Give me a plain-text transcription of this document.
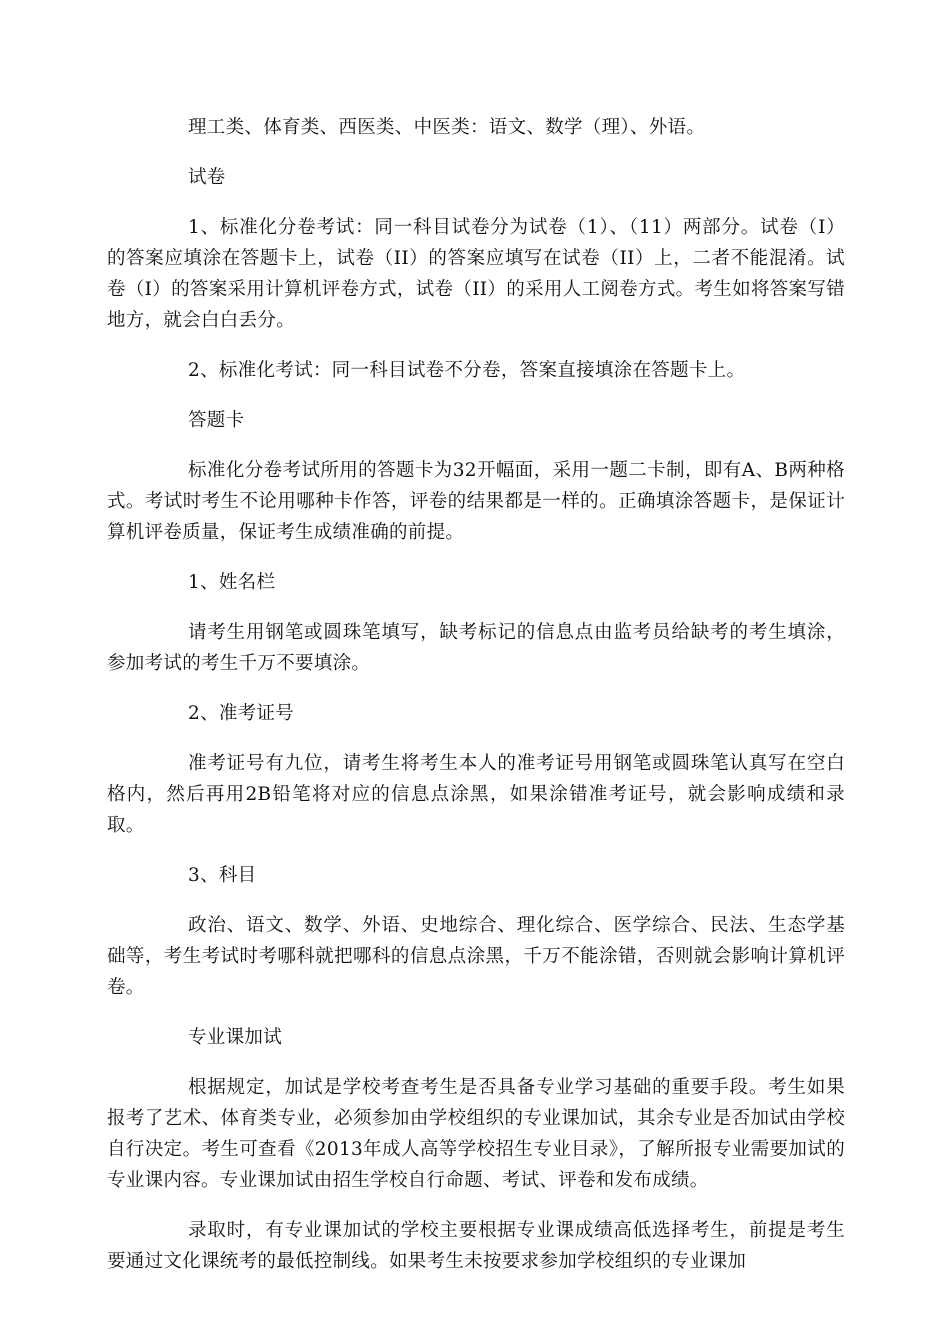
理工类、体育类、西医类、中医类：语文、数学（理）、外语。

试卷

1、标准化分卷考试：同一科目试卷分为试卷（1）、（11）两部分。试卷（I）的答案应填涂在答题卡上，试卷（II）的答案应填写在试卷（II）上，二者不能混淆。试卷（I）的答案采用计算机评卷方式，试卷（II）的采用人工阅卷方式。考生如将答案写错地方，就会白白丢分。

2、标准化考试：同一科目试卷不分卷，答案直接填涂在答题卡上。

答题卡

标准化分卷考试所用的答题卡为32开幅面，采用一题二卡制，即有A、B两种格式。考试时考生不论用哪种卡作答，评卷的结果都是一样的。正确填涂答题卡，是保证计算机评卷质量，保证考生成绩准确的前提。

1、姓名栏

请考生用钢笔或圆珠笔填写，缺考标记的信息点由监考员给缺考的考生填涂，参加考试的考生千万不要填涂。

2、准考证号

准考证号有九位，请考生将考生本人的准考证号用钢笔或圆珠笔认真写在空白格内，然后再用2B铅笔将对应的信息点涂黑，如果涂错准考证号，就会影响成绩和录取。

3、科目

政治、语文、数学、外语、史地综合、理化综合、医学综合、民法、生态学基础等，考生考试时考哪科就把哪科的信息点涂黑，千万不能涂错，否则就会影响计算机评卷。

专业课加试

根据规定，加试是学校考查考生是否具备专业学习基础的重要手段。考生如果报考了艺术、体育类专业，必须参加由学校组织的专业课加试，其余专业是否加试由学校自行决定。考生可查看《2013年成人高等学校招生专业目录》，了解所报专业需要加试的专业课内容。专业课加试由招生学校自行命题、考试、评卷和发布成绩。

录取时，有专业课加试的学校主要根据专业课成绩高低选择考生，前提是考生要通过文化课统考的最低控制线。如果考生未按要求参加学校组织的专业课加
